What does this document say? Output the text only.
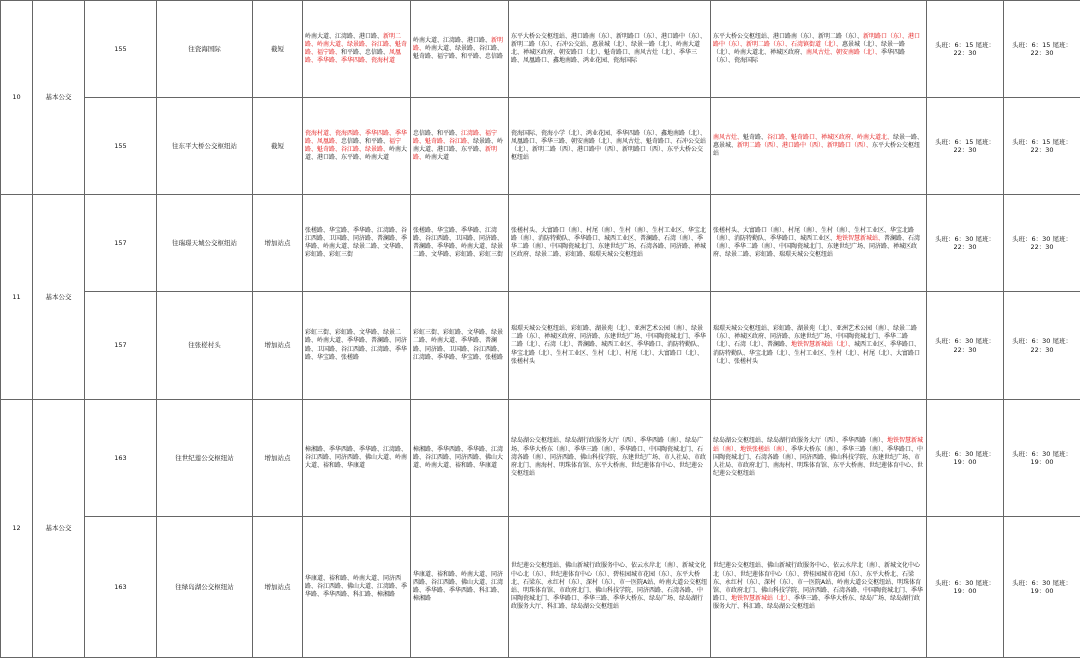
10	基本公交	155	往瓷海国际	截短	岭南大道、江湾路、港口路、新明二路、岭南大道、绿景路、谷江路、魁奇路、福宁路、和平路、忠信路、凤凰路、季华路、季华四路、瓷海村道	岭南大道、江湾路、港口路、新明路、岭南大道、绿景路、谷江路、魁奇路、福宁路、和平路、忠信路	东平大桥公交枢纽站、港口路南（东）、新明路口（东）、港口路中（东）、新明二路（东）、石冲公交站、惠景城（北）、绿景一路（北）、岭南大道北、禅城区政府、朝安路口（北）、魁奇路口、南风古灶（北）、季华三路、凤凰路口、鑫地南路、鸿业花园、瓷海国际	东平大桥公交枢纽站、港口路南（东）、新明二路（东）、新明路口（东）、港口路中（东）、新明二路（东）、石湾镇街道（北）、惠景城（北）、绿景一路（北）、岭南大道北、禅城区政府、南风古灶、朝安南路（北）、季华四路（东）、瓷海国际	头班：6：15 尾班：22：30	头班：6：15 尾班：22：30
		155	往东平大桥公交枢纽站	截短	瓷海村道、瓷海西路、季华四路、季华路、凤凰路、忠信路、和平路、福宁路、魁奇路、谷江路、绿景路、岭南大道、港口路、东平路、岭南大道	忠信路、和平路、江湾路、福宁路、魁奇路、谷江路、绿景路、岭南大道、港口路、东平路、新明路、岭南大道	瓷海国际、瓷海小学（北）、鸿业花园、季华四路（东）、鑫地南路（北）、凤凰路口、季华三路、朝安南路（北）、南风古灶、魁奇路口、石冲公交站（北）、新明二路（西）、港口路中（西）、新明路口（西）、东平大桥公交枢纽站	南风古灶、魁奇路、谷江路、魁奇路口、禅城区政府、岭南大道北、绿景一路、惠景城、新明二路（西）、港口路中（西）、新明路口（西）、东平大桥公交枢纽站	头班：6：15 尾班：22：30	头班：6：15 尾班：22：30
11	基本公交	157	往瑞璟天城公交枢纽站	增加站点	张槎路、华宝路、季华路、江湾路、谷江西路、卫国路、同济路、普澜路、季华路、岭南大道、绿景二路、文华路、彩虹路、彩虹三街	张槎路、华宝路、季华路、江湾路、谷江西路、卫国路、同济路、普澜路、季华路、岭南大道、绿景二路、文华路、彩虹路、彩虹三街	张槎村头、大富路口（南）、村尾（南）、生村（南）、生村工业区、华宝北路（南）、消防特勤队、季华路口、城西工业区、普澜路、石湾（南）、季华二路（南）、中国陶瓷城北门、东建世纪广场、石湾各路、同济路、禅城区政府、绿景二路、彩虹路、瑞璟天城公交枢纽站	张槎村头、大富路口（南）、村尾（南）、生村（南）、生村工业区、华宝北路（南）、消防特勤队、季华路口、城西工业区、地铁智慧新城站、普澜路、石湾（南）、季华二路（南）、中国陶瓷城北门、东建世纪广场、同济路、禅城区政府、绿景二路、彩虹路、瑞璟天城公交枢纽站	头班：6：30 尾班：22：30	头班：6：30 尾班：22：30
		157	往张槎村头	增加站点	彩虹三街、彩虹路、文华路、绿景二路、岭南大道、季华路、普澜路、同济路、卫国路、谷江西路、江湾路、季华路、华宝路、张槎路	彩虹三街、彩虹路、文华路、绿景二路、岭南大道、季华路、普澜路、同济路、卫国路、谷江西路、江湾路、季华路、华宝路、张槎路	瑞璟天城公交枢纽站、彩虹路、湖景苑（北）、亚洲艺术公园（南）、绿景二路（东）、禅城区政府、同济路、东建世纪广场、中国陶瓷城北门、季华二路（北）、石湾（北）、普澜路、城西工业区、季华路口、消防特勤队、华宝北路（北）、生村工业区、生村（北）、村尾（北）、大富路口（北）、张槎村头	瑞璟天城公交枢纽站、彩虹路、湖景苑（北）、亚洲艺术公园（南）、绿景二路（东）、禅城区政府、同济路、东建世纪广场、中国陶瓷城北门、季华二路（北）、石湾（北）、普澜路、地铁智慧新城站（北）、城西工业区、季华路口、消防特勤队、华宝北路（北）、生村工业区、生村（北）、村尾（北）、大富路口（北）、张槎村头	头班：6：30 尾班：22：30	头班：6：30 尾班：22：30
12	基本公交	163	往世纪莲公交枢纽站	增加站点	樟湘路、季华西路、季华路、江湾路、谷江西路、同济西路、佛山大道、岭南大道、裕和路、华康道	樟湘路、季华西路、季华路、江湾路、谷江西路、同济西路、佛山大道、岭南大道、裕和路、华康道	绿岛湖公交枢纽站、绿岛湖行政服务大厅（西）、季华西路（南）、绿岛广场、季华大桥东（南）、季华三路（南）、季华路口、中国陶瓷城北门、石湾各路（南）、同济西路、佛山科技学院、东建世纪广场、市人社局、市政府北门、南海村、明珠体育馆、东平大桥南、世纪莲体育中心、世纪莲公交枢纽站	绿岛湖公交枢纽站、绿岛湖行政服务大厅（西）、季华西路（南）、地铁智慧新城站（南）、地铁张槎站（南）、季华大桥东（南）、季华三路（南）、季华路口、中国陶瓷城北门、石湾各路（南）、同济西路、佛山科技学院、东建世纪广场、市人社局、市政府北门、南海村、明珠体育馆、东平大桥南、世纪莲体育中心、世纪莲公交枢纽站	头班：6：30 尾班：19：00	头班：6：30 尾班：19：00
		163	往绿岛湖公交枢纽站	增加站点	华康道、裕和路、岭南大道、同济西路、谷江西路、佛山大道、江湾路、季华路、季华西路、科汇路、樟湘路	华康道、裕和路、岭南大道、同济西路、谷江西路、佛山大道、江湾路、季华路、季华西路、科汇路、樟湘路	世纪莲公交枢纽站、佛山新城行政服务中心、依云水岸北（南）、新城文化中心北（东）、世纪莲体育中心（东）、碧桂园城市花园（东）、东平大桥北、石梁东、永红村（东）、深村（东）、市一医院A站、岭南大道公交枢纽站、明珠体育馆、市政府北门、佛山科技学院、同济西路、石湾各路、中国陶瓷城北门、季华路口、季华三路、季华大桥东、绿岛广场、绿岛湖行政服务大厅、科汇路、绿岛湖公交枢纽站	世纪莲公交枢纽站、佛山新城行政服务中心、依云水岸北（南）、新城文化中心北（东）、世纪莲体育中心（东）、碧桂园城市花园（东）、东平大桥北、石梁东、永红村（东）、深村（东）、市一医院A站、岭南大道公交枢纽站、明珠体育馆、市政府北门、佛山科技学院、同济西路、石湾各路、中国陶瓷城北门、季华路口、地铁智慧新城站（北）、季华三路、季华大桥东、绿岛广场、绿岛湖行政服务大厅、科汇路、绿岛湖公交枢纽站	头班：6：30 尾班：19：00	头班：6：30 尾班：19：00
